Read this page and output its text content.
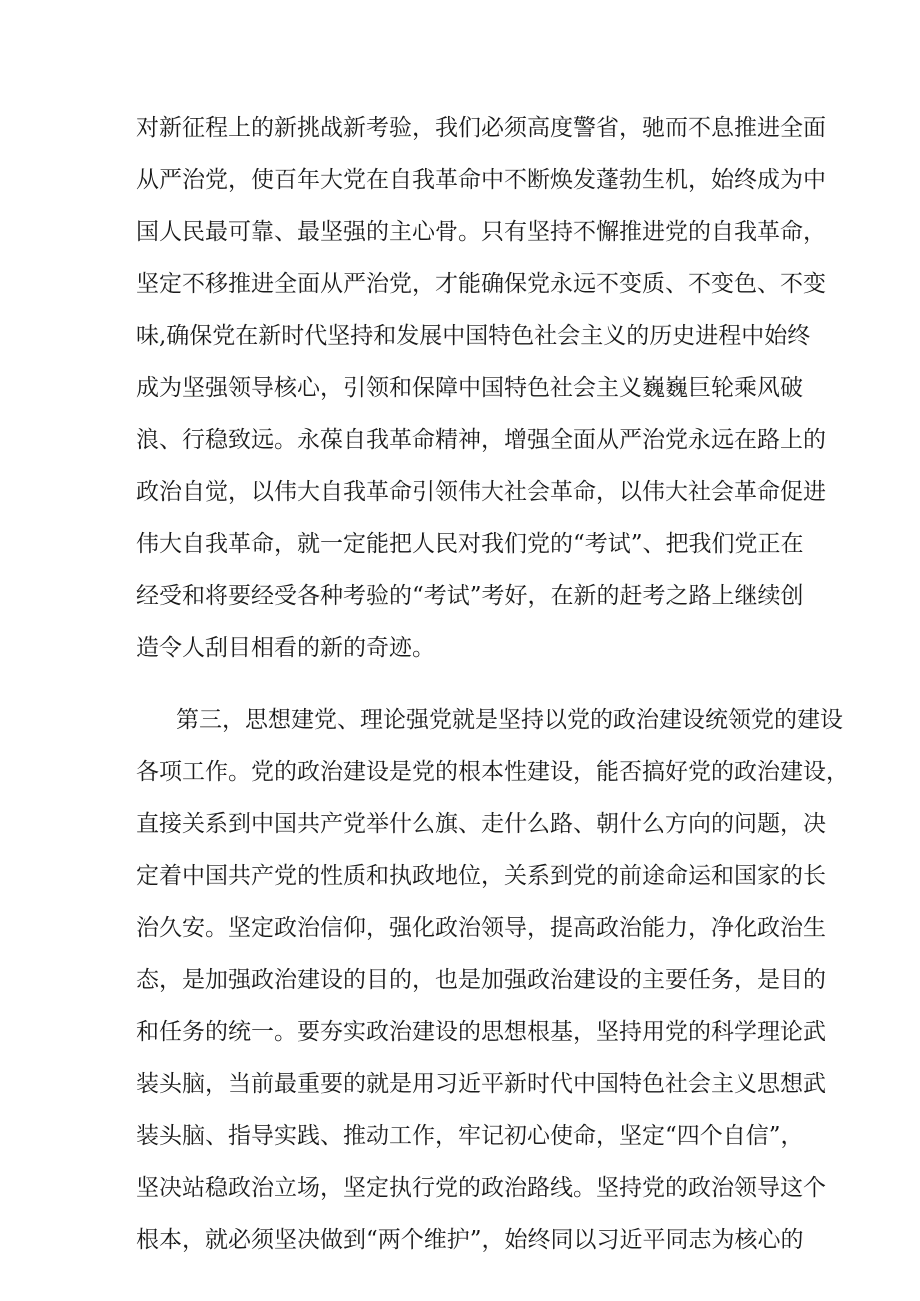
对新征程上的新挑战新考验，我们必须高度警省，驰而不息推进全面
从严治党，使百年大党在自我革命中不断焕发蓬勃生机，始终成为中
国人民最可靠、最坚强的主心骨。只有坚持不懈推进党的自我革命，
坚定不移推进全面从严治党，才能确保党永远不变质、不变色、不变
味,确保党在新时代坚持和发展中国特色社会主义的历史进程中始终
成为坚强领导核心，引领和保障中国特色社会主义巍巍巨轮乘风破
浪、行稳致远。永葆自我革命精神，增强全面从严治党永远在路上的
政治自觉，以伟大自我革命引领伟大社会革命，以伟大社会革命促进
伟大自我革命，就一定能把人民对我们党的“考试”、把我们党正在
经受和将要经受各种考验的“考试”考好，在新的赶考之路上继续创
造令人刮目相看的新的奇迹。
第三，思想建党、理论强党就是坚持以党的政治建设统领党的建设
各项工作。党的政治建设是党的根本性建设，能否搞好党的政治建设，
直接关系到中国共产党举什么旗、走什么路、朝什么方向的问题，决
定着中国共产党的性质和执政地位，关系到党的前途命运和国家的长
治久安。坚定政治信仰，强化政治领导，提高政治能力，净化政治生
态，是加强政治建设的目的，也是加强政治建设的主要任务，是目的
和任务的统一。要夯实政治建设的思想根基，坚持用党的科学理论武
装头脑，当前最重要的就是用习近平新时代中国特色社会主义思想武
装头脑、指导实践、推动工作，牢记初心使命，坚定“四个自信”，
坚决站稳政治立场，坚定执行党的政治路线。坚持党的政治领导这个
根本，就必须坚决做到“两个维护”，始终同以习近平同志为核心的
